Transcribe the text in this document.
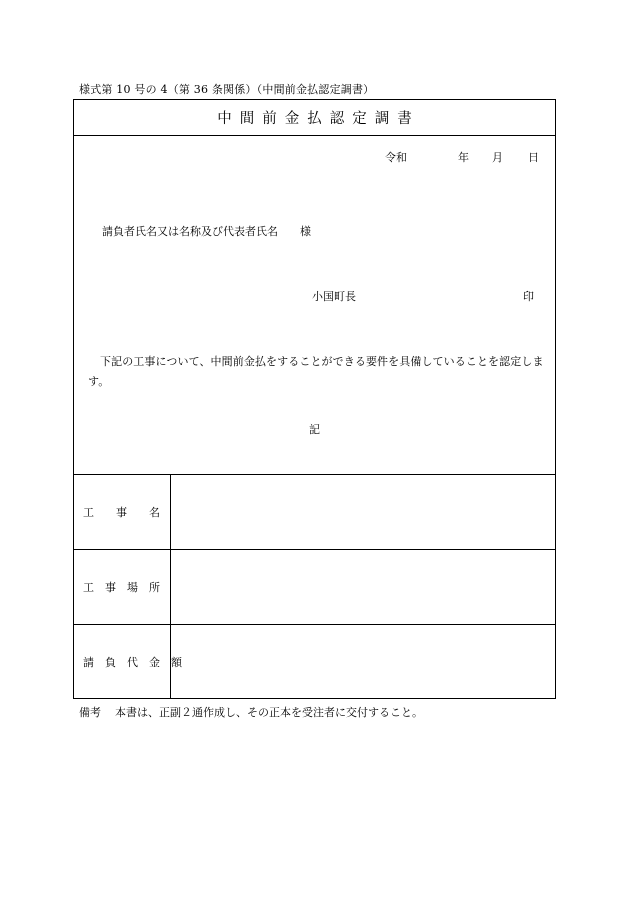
様式第 10 号の 4（第 36 条関係）（中間前金払認定調書）
中間前金払認定調書
令和	年	月	日
請負者氏名又は名称及び代表者氏名 様
小国町長	印
下記の工事について、中間前金払をすることができる要件を具備していることを認定します。
記
工　　事　　名
工　事　場　所
請　負　代　金　額
備考 本書は、正副２通作成し、その正本を受注者に交付すること。
